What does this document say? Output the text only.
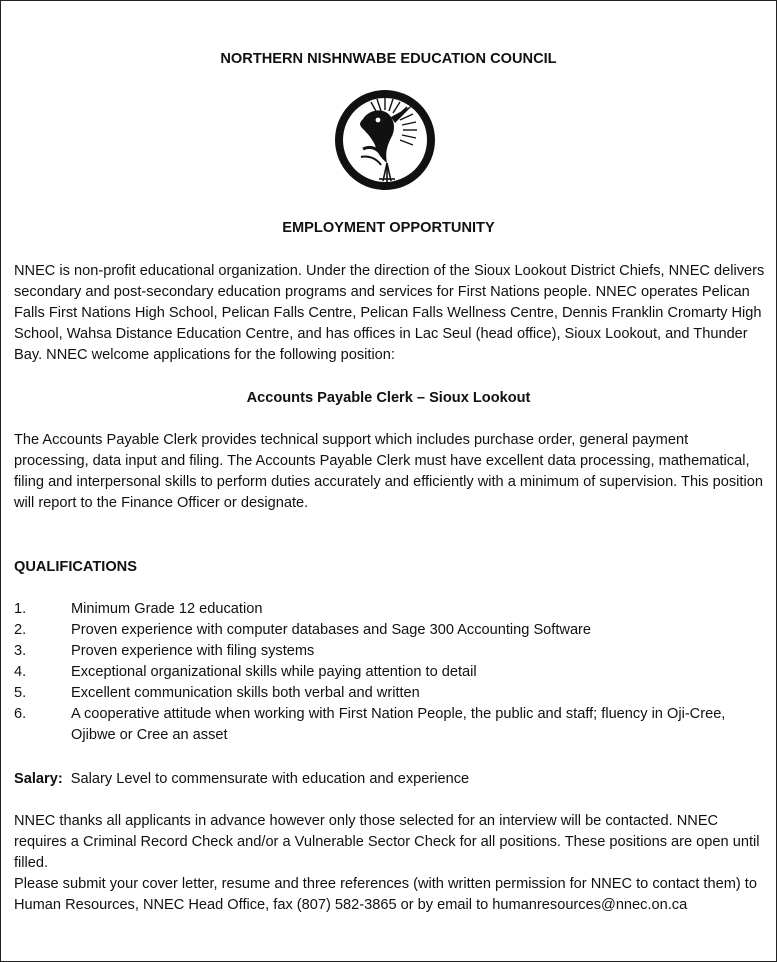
NORTHERN NISHNWABE EDUCATION COUNCIL
EMPLOYMENT OPPORTUNITY

NNEC is non-profit educational organization. Under the direction of the Sioux Lookout District Chiefs, NNEC delivers secondary and post-secondary education programs and services for First Nations people. NNEC operates Pelican Falls First Nations High School, Pelican Falls Centre, Pelican Falls Wellness Centre, Dennis Franklin Cromarty High School, Wahsa Distance Education Centre, and has offices in Lac Seul (head office), Sioux Lookout, and Thunder Bay. NNEC welcome applications for the following position:

Accounts Payable Clerk – Sioux Lookout

The Accounts Payable Clerk provides technical support which includes purchase order, general payment processing, data input and filing. The Accounts Payable Clerk must have excellent data processing, mathematical, filing and interpersonal skills to perform duties accurately and efficiently with a minimum of supervision. This position will report to the Finance Officer or designate.

QUALIFICATIONS
1.	Minimum Grade 12 education
2.	Proven experience with computer databases and Sage 300 Accounting Software
3.	Proven experience with filing systems
4.	Exceptional organizational skills while paying attention to detail
5.	Excellent communication skills both verbal and written
6.	A cooperative attitude when working with First Nation People, the public and staff; fluency in Oji-Cree, Ojibwe or Cree an asset

Salary: Salary Level to commensurate with education and experience

NNEC thanks all applicants in advance however only those selected for an interview will be contacted. NNEC requires a Criminal Record Check and/or a Vulnerable Sector Check for all positions. These positions are open until filled.

Please submit your cover letter, resume and three references (with written permission for NNEC to contact them) to Human Resources, NNEC Head Office, fax (807) 582-3865 or by email to humanresources@nnec.on.ca
